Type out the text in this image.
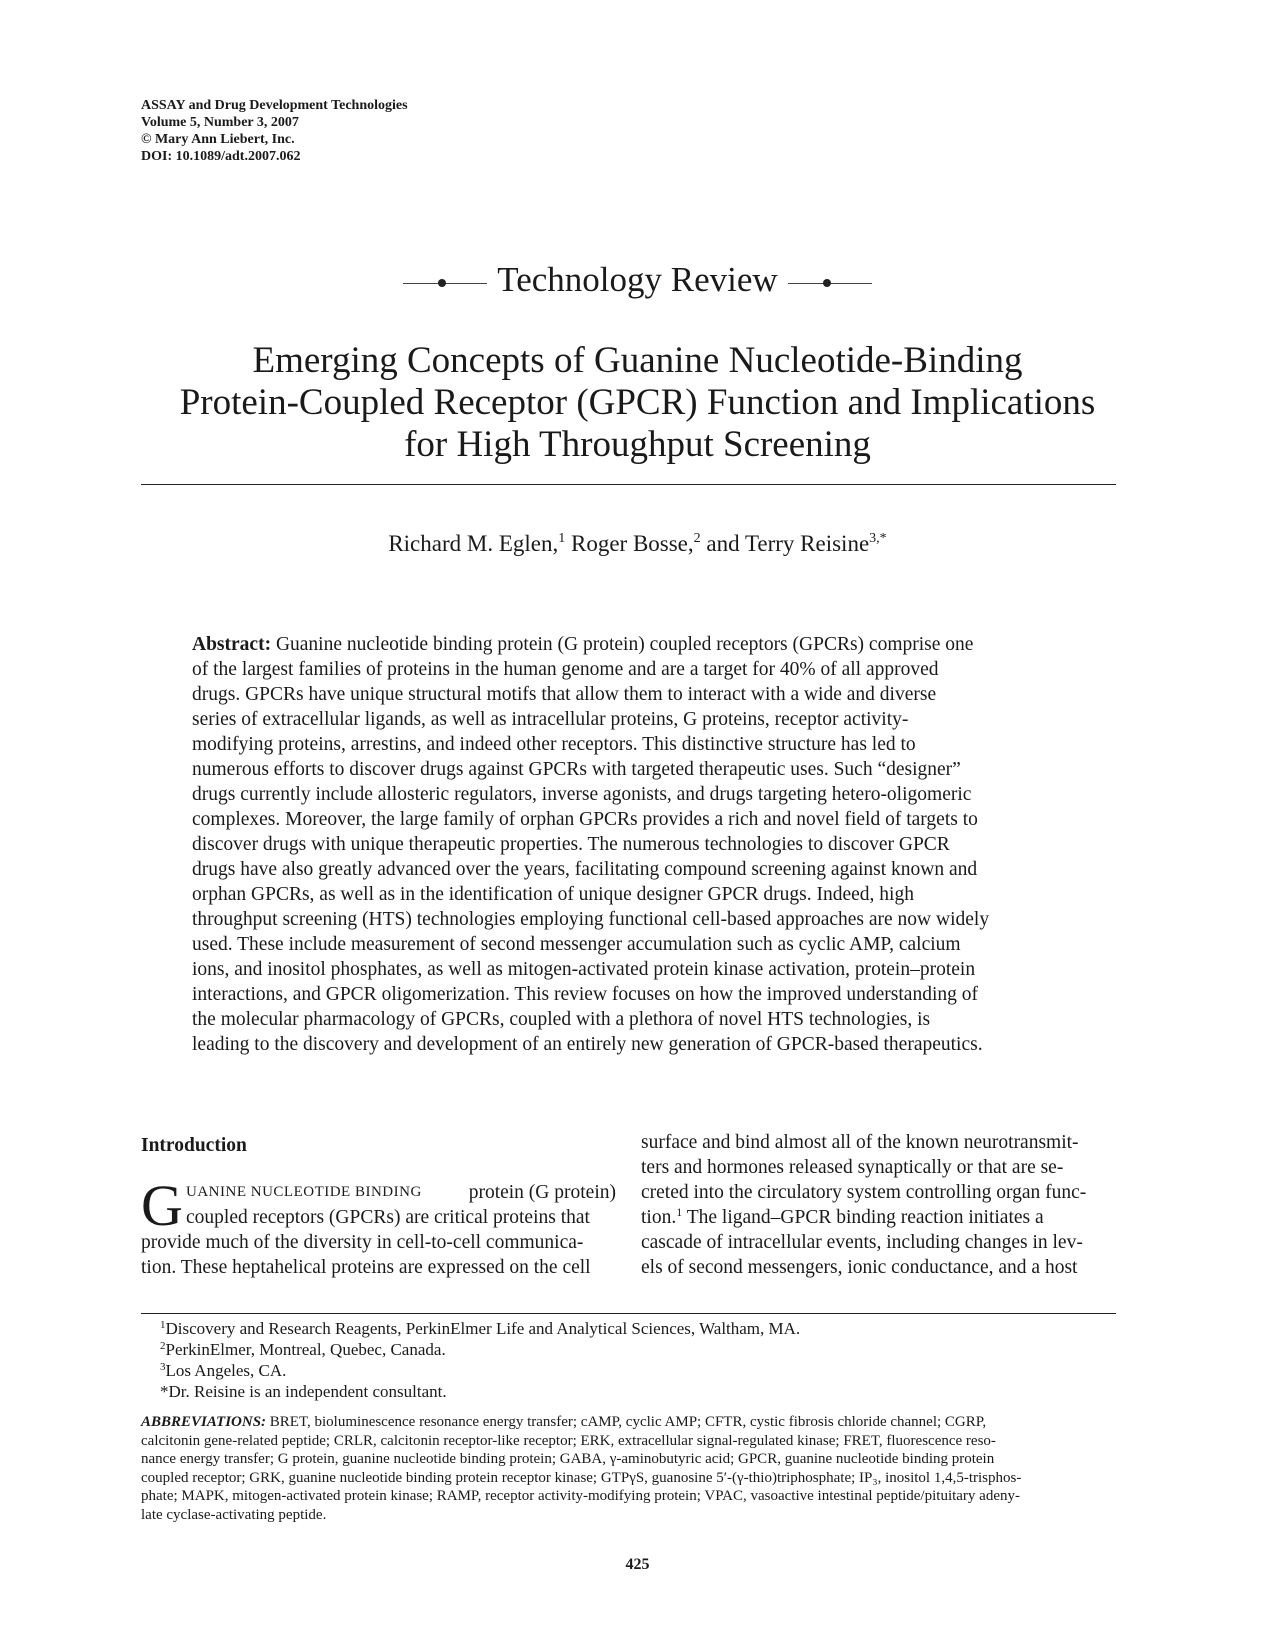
ASSAY and Drug Development Technologies
Volume 5, Number 3, 2007
© Mary Ann Liebert, Inc.
DOI: 10.1089/adt.2007.062
Technology Review
Emerging Concepts of Guanine Nucleotide-Binding
Protein-Coupled Receptor (GPCR) Function and Implications
for High Throughput Screening
Richard M. Eglen,$^1$ Roger Bosse,$^2$ and Terry Reisine$^{3,*}$
Abstract: Guanine nucleotide binding protein (G protein) coupled receptors (GPCRs) comprise one
of the largest families of proteins in the human genome and are a target for 40% of all approved
drugs. GPCRs have unique structural motifs that allow them to interact with a wide and diverse
series of extracellular ligands, as well as intracellular proteins, G proteins, receptor activity-
modifying proteins, arrestins, and indeed other receptors. This distinctive structure has led to
numerous efforts to discover drugs against GPCRs with targeted therapeutic uses. Such “designer”
drugs currently include allosteric regulators, inverse agonists, and drugs targeting hetero-oligomeric
complexes. Moreover, the large family of orphan GPCRs provides a rich and novel field of targets to
discover drugs with unique therapeutic properties. The numerous technologies to discover GPCR
drugs have also greatly advanced over the years, facilitating compound screening against known and
orphan GPCRs, as well as in the identification of unique designer GPCR drugs. Indeed, high
throughput screening (HTS) technologies employing functional cell-based approaches are now widely
used. These include measurement of second messenger accumulation such as cyclic AMP, calcium
ions, and inositol phosphates, as well as mitogen-activated protein kinase activation, protein–protein
interactions, and GPCR oligomerization. This review focuses on how the improved understanding of
the molecular pharmacology of GPCRs, coupled with a plethora of novel HTS technologies, is
leading to the discovery and development of an entirely new generation of GPCR-based therapeutics.
Introduction
G UANINE NUCLEOTIDE BINDING protein (G protein)
coupled receptors (GPCRs) are critical proteins that
provide much of the diversity in cell-to-cell communica-
tion. These heptahelical proteins are expressed on the cell
surface and bind almost all of the known neurotransmit-
ters and hormones released synaptically or that are se-
creted into the circulatory system controlling organ func-
tion.$^1$ The ligand–GPCR binding reaction initiates a
cascade of intracellular events, including changes in lev-
els of second messengers, ionic conductance, and a host
$^1$Discovery and Research Reagents, PerkinElmer Life and Analytical Sciences, Waltham, MA.
$^2$PerkinElmer, Montreal, Quebec, Canada.
$^3$Los Angeles, CA.
*Dr. Reisine is an independent consultant.
ABBREVIATIONS: BRET, bioluminescence resonance energy transfer; cAMP, cyclic AMP; CFTR, cystic fibrosis chloride channel; CGRP,
calcitonin gene-related peptide; CRLR, calcitonin receptor-like receptor; ERK, extracellular signal-regulated kinase; FRET, fluorescence reso-
nance energy transfer; G protein, guanine nucleotide binding protein; GABA, γ-aminobutyric acid; GPCR, guanine nucleotide binding protein
coupled receptor; GRK, guanine nucleotide binding protein receptor kinase; GTPγS, guanosine 5′-(γ-thio)triphosphate; IP₃, inositol 1,4,5-trisphos-
phate; MAPK, mitogen-activated protein kinase; RAMP, receptor activity-modifying protein; VPAC, vasoactive intestinal peptide/pituitary adeny-
late cyclase-activating peptide.
425
